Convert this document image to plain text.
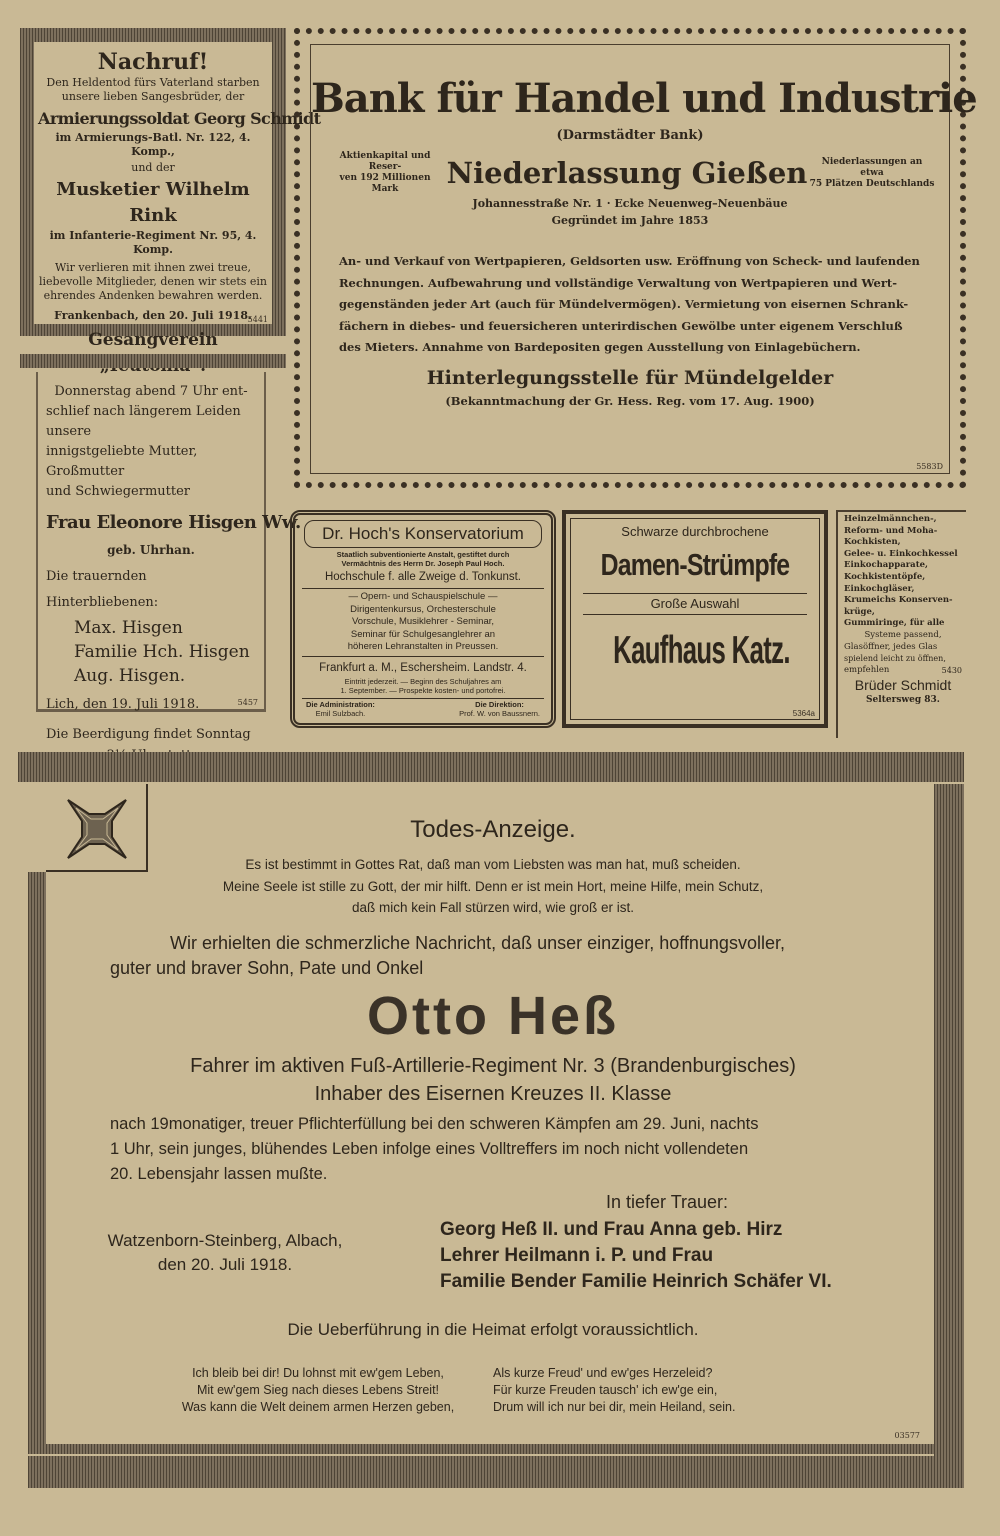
Nachruf!
Den Heldentod fürs Vaterland starben
unsere lieben Sangesbrüder, der
Armierungssoldat Georg Schmidt
im Armierungs-Batl. Nr. 122, 4. Komp.,
und der
Musketier Wilhelm Rink
im Infanterie-Regiment Nr. 95, 4. Komp.
Wir verlieren mit ihnen zwei treue,
liebevolle Mitglieder, denen wir stets ein
ehrendes Andenken bewahren werden.
Frankenbach, den 20. Juli 1918.
Gesangverein
5441
Donnerstag abend 7 Uhr ent-
schlief nach längerem Leiden unsere
innigstgeliebte Mutter, Großmutter
und Schwiegermutter
Frau Eleonore Hisgen Ww.
geb. Uhrhan.
Die trauernden Hinterbliebenen:
Max. Hisgen
Familie Hch. Hisgen
Aug. Hisgen.
Lich, den 19. Juli 1918.
Die Beerdigung findet Sonntag
5457
Bank für Handel und Industrie
(Darmstädter Bank)
Aktienkapital und Reser-
ven 192 Millionen Mark	Niederlassung Gießen	Niederlassungen an etwa
75 Plätzen Deutschlands
Johannesstraße Nr. 1 · Ecke Neuenweg–Neuenbäue
Gegründet im Jahre 1853
An- und Verkauf von Wertpapieren, Geldsorten usw. Eröffnung von Scheck- und laufenden
Rechnungen. Aufbewahrung und vollständige Verwaltung von Wertpapieren und Wert-
gegenständen jeder Art (auch für Mündelvermögen). Vermietung von eisernen Schrank-
fächern in diebes- und feuersicheren unterirdischen Gewölbe unter eigenem Verschluß
des Mieters. Annahme von Bardepositen gegen Ausstellung von Einlagebüchern.
Hinterlegungsstelle für Mündelgelder
(Bekanntmachung der Gr. Hess. Reg. vom 17. Aug. 1900)
5583D
Dr. Hoch's Konservatorium
Staatlich subventionierte Anstalt, gestiftet durch
Vermächtnis des Herrn Dr. Joseph Paul Hoch.
Hochschule f. alle Zweige d. Tonkunst.
— Opern- und Schauspielschule —
Dirigentenkursus, Orchesterschule
Vorschule, Musiklehrer - Seminar,
Seminar für Schulgesanglehrer an
höheren Lehranstalten in Preussen.
Frankfurt a. M., Eschersheim. Landstr. 4.
Eintritt jederzeit. — Beginn des Schuljahres am
1. September. — Prospekte kosten- und portofrei.
Die Administration:
Emil Sulzbach.
Die Direktion:
Prof. W. von Baussnern.
Schwarze durchbrochene
Damen-Strümpfe
Große Auswahl
Kaufhaus Katz.
5364a
Heinzelmännchen-,
Reform- und Moha-
Kochkisten,
Gelee- u. Einkochkessel
Einkochapparate,
Kochkistentöpfe,
Einkochgläser,
Krumeichs Konserven-
krüge,
Gummiringe, für alle
Systeme passend,
Glasöffner, jedes Glas
spielend leicht zu öffnen,
empfehlen	5430
Brüder Schmidt
Seltersweg 83.
Todes-Anzeige.
Es ist bestimmt in Gottes Rat, daß man vom Liebsten was man hat, muß scheiden.
Meine Seele ist stille zu Gott, der mir hilft. Denn er ist mein Hort, meine Hilfe, mein Schutz,
daß mich kein Fall stürzen wird, wie groß er ist.
Wir erhielten die schmerzliche Nachricht, daß unser einziger, hoffnungsvoller,
guter und braver Sohn, Pate und Onkel
Otto Heß
Fahrer im aktiven Fuß-Artillerie-Regiment Nr. 3 (Brandenburgisches)
Inhaber des Eisernen Kreuzes II. Klasse
nach 19monatiger, treuer Pflichterfüllung bei den schweren Kämpfen am 29. Juni, nachts
1 Uhr, sein junges, blühendes Leben infolge eines Volltreffers im noch nicht vollendeten
20. Lebensjahr lassen mußte.
In tiefer Trauer:
Watzenborn-Steinberg, Albach,
den 20. Juli 1918.
Georg Heß II. und Frau Anna geb. Hirz
Lehrer Heilmann i. P. und Frau
Familie Bender Familie Heinrich Schäfer VI.
Die Ueberführung in die Heimat erfolgt voraussichtlich.
Ich bleib bei dir! Du lohnst mit ew'gem Leben,
Mit ew'gem Sieg nach dieses Lebens Streit!
Was kann die Welt deinem armen Herzen geben,
Als kurze Freud' und ew'ges Herzeleid?
Für kurze Freuden tausch' ich ew'ge ein,
Drum will ich nur bei dir, mein Heiland, sein.
03577
